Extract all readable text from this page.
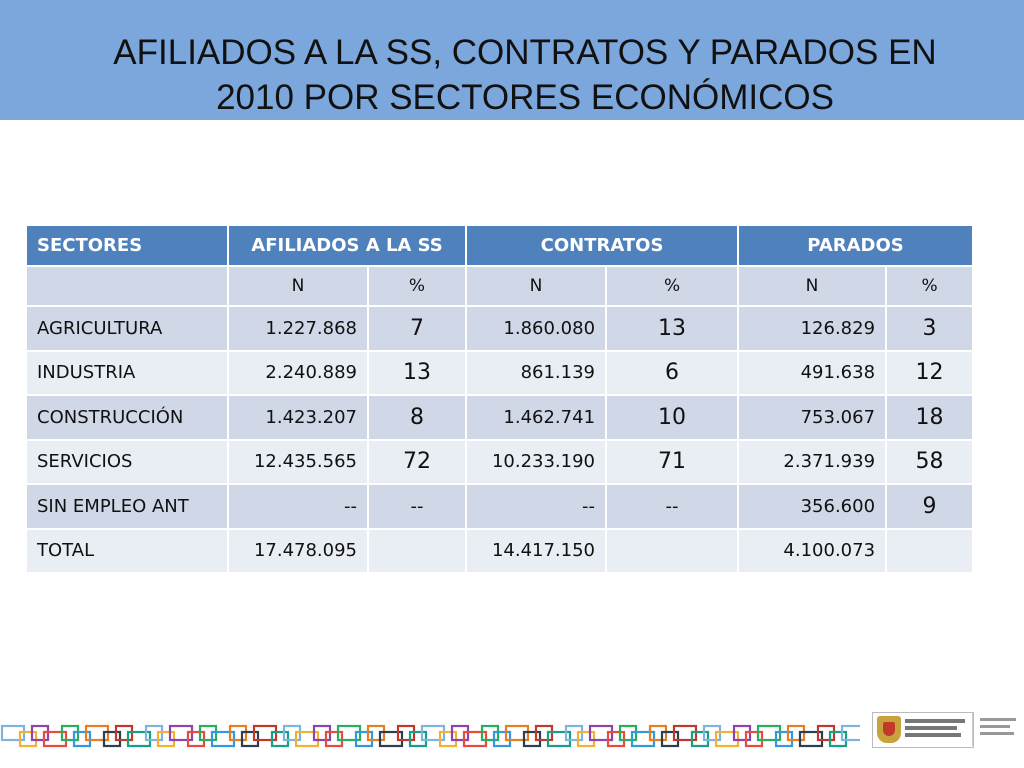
AFILIADOS A LA SS, CONTRATOS Y PARADOS EN
2010 POR SECTORES ECONÓMICOS
SECTORES	AFILIADOS A LA SS		CONTRATOS		PARADOS	
	N	%	N	%	N	%
AGRICULTURA	1.227.868	7	1.860.080	13	126.829	3
INDUSTRIA	2.240.889	13	861.139	6	491.638	12
CONSTRUCCIÓN	1.423.207	8	1.462.741	10	753.067	18
SERVICIOS	12.435.565	72	10.233.190	71	2.371.939	58
SIN EMPLEO ANT	--	--	--	--	356.600	9
TOTAL	17.478.095		14.417.150		4.100.073	
